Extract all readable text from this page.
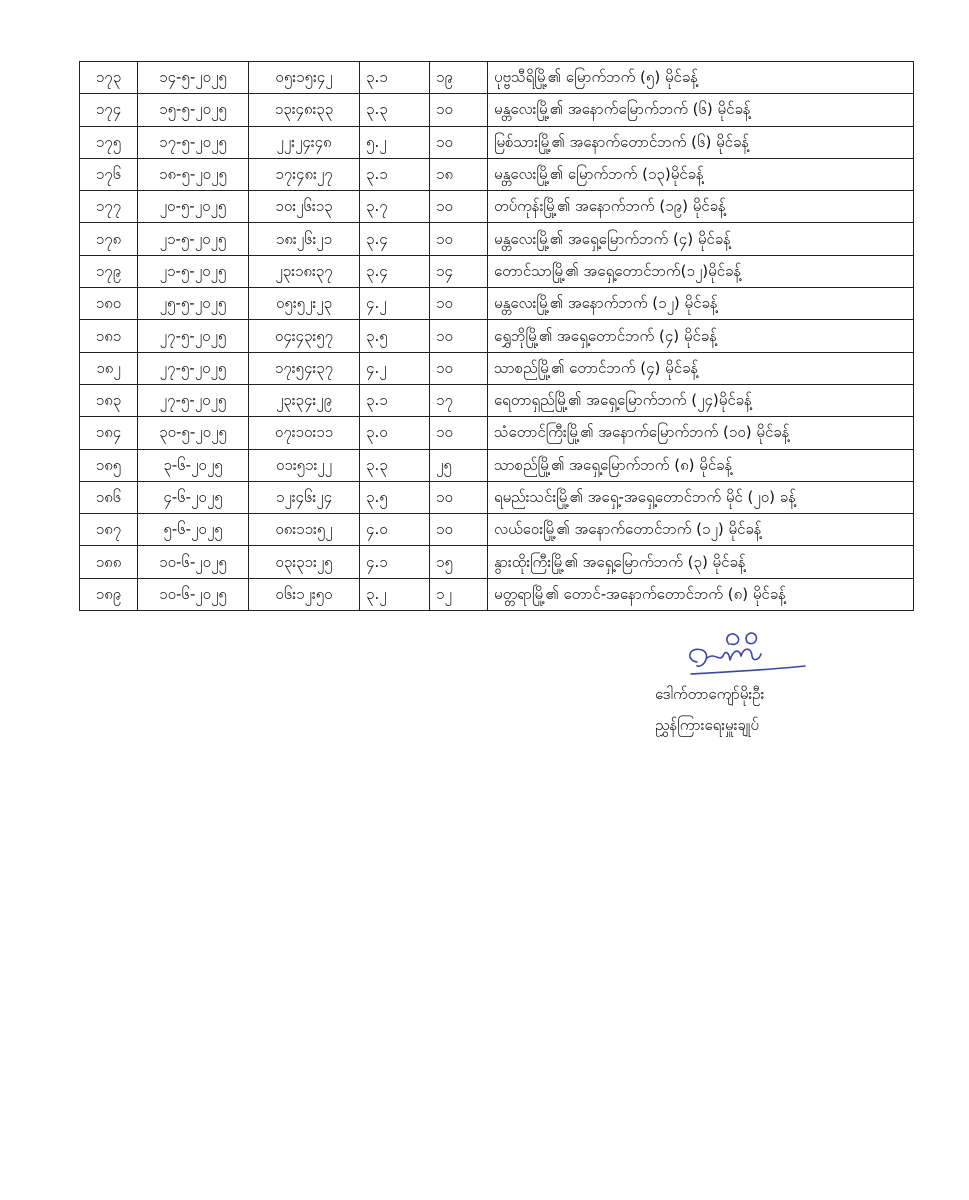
၁၇၃	၁၄-၅-၂၀၂၅	၀၅း၁၅း၄၂	၃.၁	၁၉	ပုဗ္ဗသီရိမြို့၏ မြောက်ဘက် (၅) မိုင်ခန့်
၁၇၄	၁၅-၅-၂၀၂၅	၁၃း၄၈း၃၃	၃.၃	၁၀	မန္တလေးမြို့၏ အနောက်မြောက်ဘက် (၆) မိုင်ခန့်
၁၇၅	၁၇-၅-၂၀၂၅	၂၂း၂၄း၄၈	၅.၂	၁၀	မြစ်သားမြို့၏ အနောက်တောင်ဘက် (၆) မိုင်ခန့်
၁၇၆	၁၈-၅-၂၀၂၅	၁၇း၄၈း၂၇	၃.၁	၁၈	မန္တလေးမြို့၏ မြောက်ဘက် (၁၃)မိုင်ခန့်
၁၇၇	၂၀-၅-၂၀၂၅	၁၀း၂၆း၁၃	၃.၇	၁၀	တပ်ကုန်းမြို့၏ အနောက်ဘက် (၁၉) မိုင်ခန့်
၁၇၈	၂၁-၅-၂၀၂၅	၁၈း၂၆း၂၁	၃.၄	၁၀	မန္တလေးမြို့၏ အရှေ့မြောက်ဘက် (၄) မိုင်ခန့်
၁၇၉	၂၁-၅-၂၀၂၅	၂၃း၁၈း၃၇	၃.၄	၁၄	တောင်သာမြို့၏ အရှေ့တောင်ဘက်(၁၂)မိုင်ခန့်
၁၈၀	၂၅-၅-၂၀၂၅	၀၅း၅၂း၂၃	၄.၂	၁၀	မန္တလေးမြို့၏ အနောက်ဘက် (၁၂) မိုင်ခန့်
၁၈၁	၂၇-၅-၂၀၂၅	၀၄း၄၃း၅၇	၃.၅	၁၀	ရွှေဘိုမြို့၏ အရှေ့တောင်ဘက် (၄) မိုင်ခန့်
၁၈၂	၂၇-၅-၂၀၂၅	၁၇း၅၄း၃၇	၄.၂	၁၀	သာစည်မြို့၏ တောင်ဘက် (၄) မိုင်ခန့်
၁၈၃	၂၇-၅-၂၀၂၅	၂၃း၃၄း၂၉	၃.၁	၁၇	ရေတာရှည်မြို့၏ အရှေ့မြောက်ဘက် (၂၄)မိုင်ခန့်
၁၈၄	၃၀-၅-၂၀၂၅	၀၇း၁၀း၁၁	၃.၀	၁၀	သံတောင်ကြီးမြို့၏ အနောက်မြောက်ဘက် (၁၀) မိုင်ခန့်
၁၈၅	၃-၆-၂၀၂၅	၀၁း၅၁း၂၂	၃.၃	၂၅	သာစည်မြို့၏ အရှေ့မြောက်ဘက် (၈) မိုင်ခန့်
၁၈၆	၄-၆-၂၀၂၅	၁၂း၄၆း၂၄	၃.၅	၁၀	ရမည်းသင်းမြို့၏ အရှေ့-အရှေ့တောင်ဘက် မိုင် (၂၀) ခန့်
၁၈၇	၅-၆-၂၀၂၅	၀၈း၁၁း၅၂	၄.၀	၁၀	လယ်ဝေးမြို့၏ အနောက်တောင်ဘက် (၁၂) မိုင်ခန့်
၁၈၈	၁၀-၆-၂၀၂၅	၀၃း၃၁း၂၅	၄.၁	၁၅	နွားထိုးကြီးမြို့၏ အရှေ့မြောက်ဘက် (၃) မိုင်ခန့်
၁၈၉	၁၀-၆-၂၀၂၅	၀၆း၁၂း၅၀	၃.၂	၁၂	မတ္တရာမြို့၏ တောင်-အနောက်တောင်ဘက် (၈) မိုင်ခန့်
ဒေါက်တာကျော်မိုးဦး
ညွှန်ကြားရေးမှူးချုပ်
